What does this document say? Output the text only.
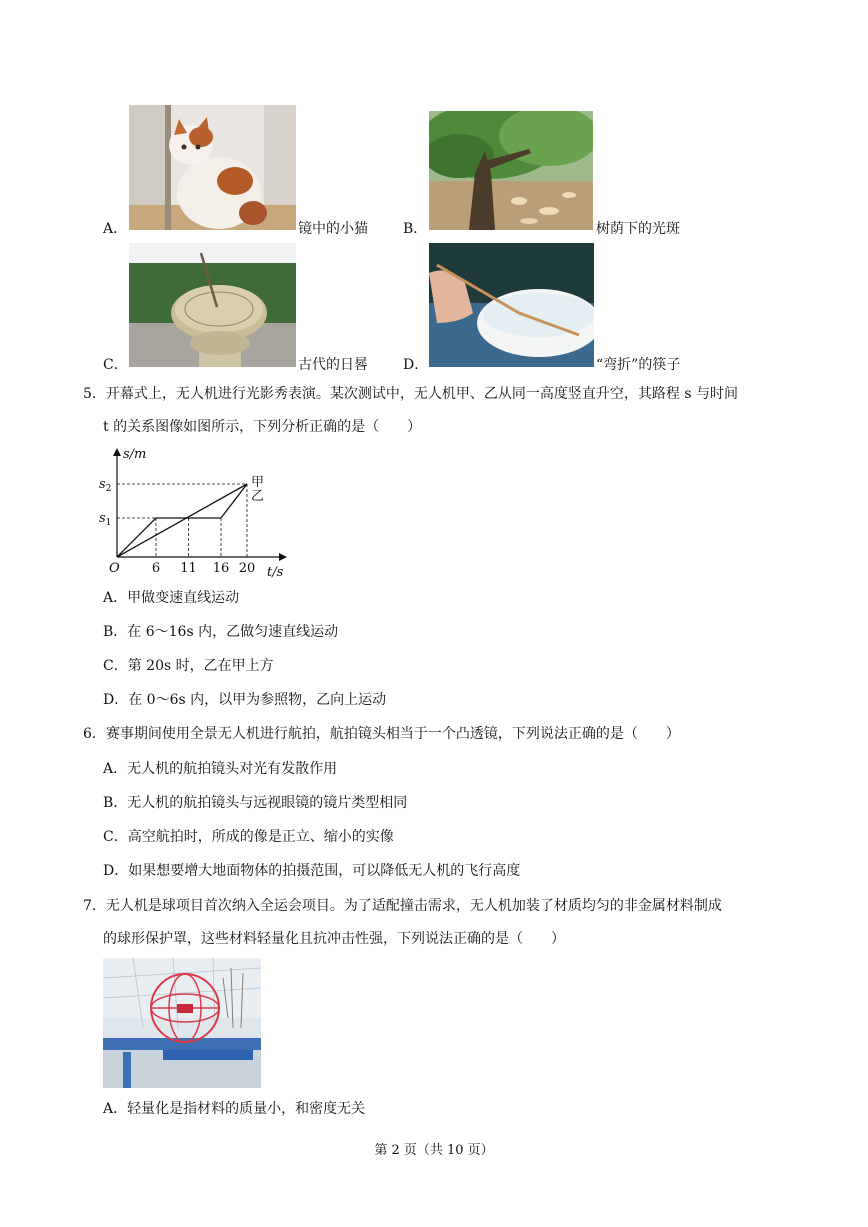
A．	镜中的小猫	B．	树荫下的光斑
C．	古代的日晷	D．	“弯折”的筷子
5．开幕式上，无人机进行光影秀表演。某次测试中，无人机甲、乙从同一高度竖直升空，其路程 s 与时间
t 的关系图像如图所示，下列分析正确的是（　　）
甲
乙
s/m
t/s
O 6 11 16 20
$s_1$
$s_2$
A．甲做变速直线运动
B．在 6～16s 内，乙做匀速直线运动
C．第 20s 时，乙在甲上方
D．在 0～6s 内，以甲为参照物，乙向上运动
6．赛事期间使用全景无人机进行航拍，航拍镜头相当于一个凸透镜，下列说法正确的是（　　）
A．无人机的航拍镜头对光有发散作用
B．无人机的航拍镜头与远视眼镜的镜片类型相同
C．高空航拍时，所成的像是正立、缩小的实像
D．如果想要增大地面物体的拍摄范围，可以降低无人机的飞行高度
7．无人机是球项目首次纳入全运会项目。为了适配撞击需求，无人机加装了材质均匀的非金属材料制成
的球形保护罩，这些材料轻量化且抗冲击性强，下列说法正确的是（　　）
A．轻量化是指材料的质量小，和密度无关
第 2 页（共 10 页）
